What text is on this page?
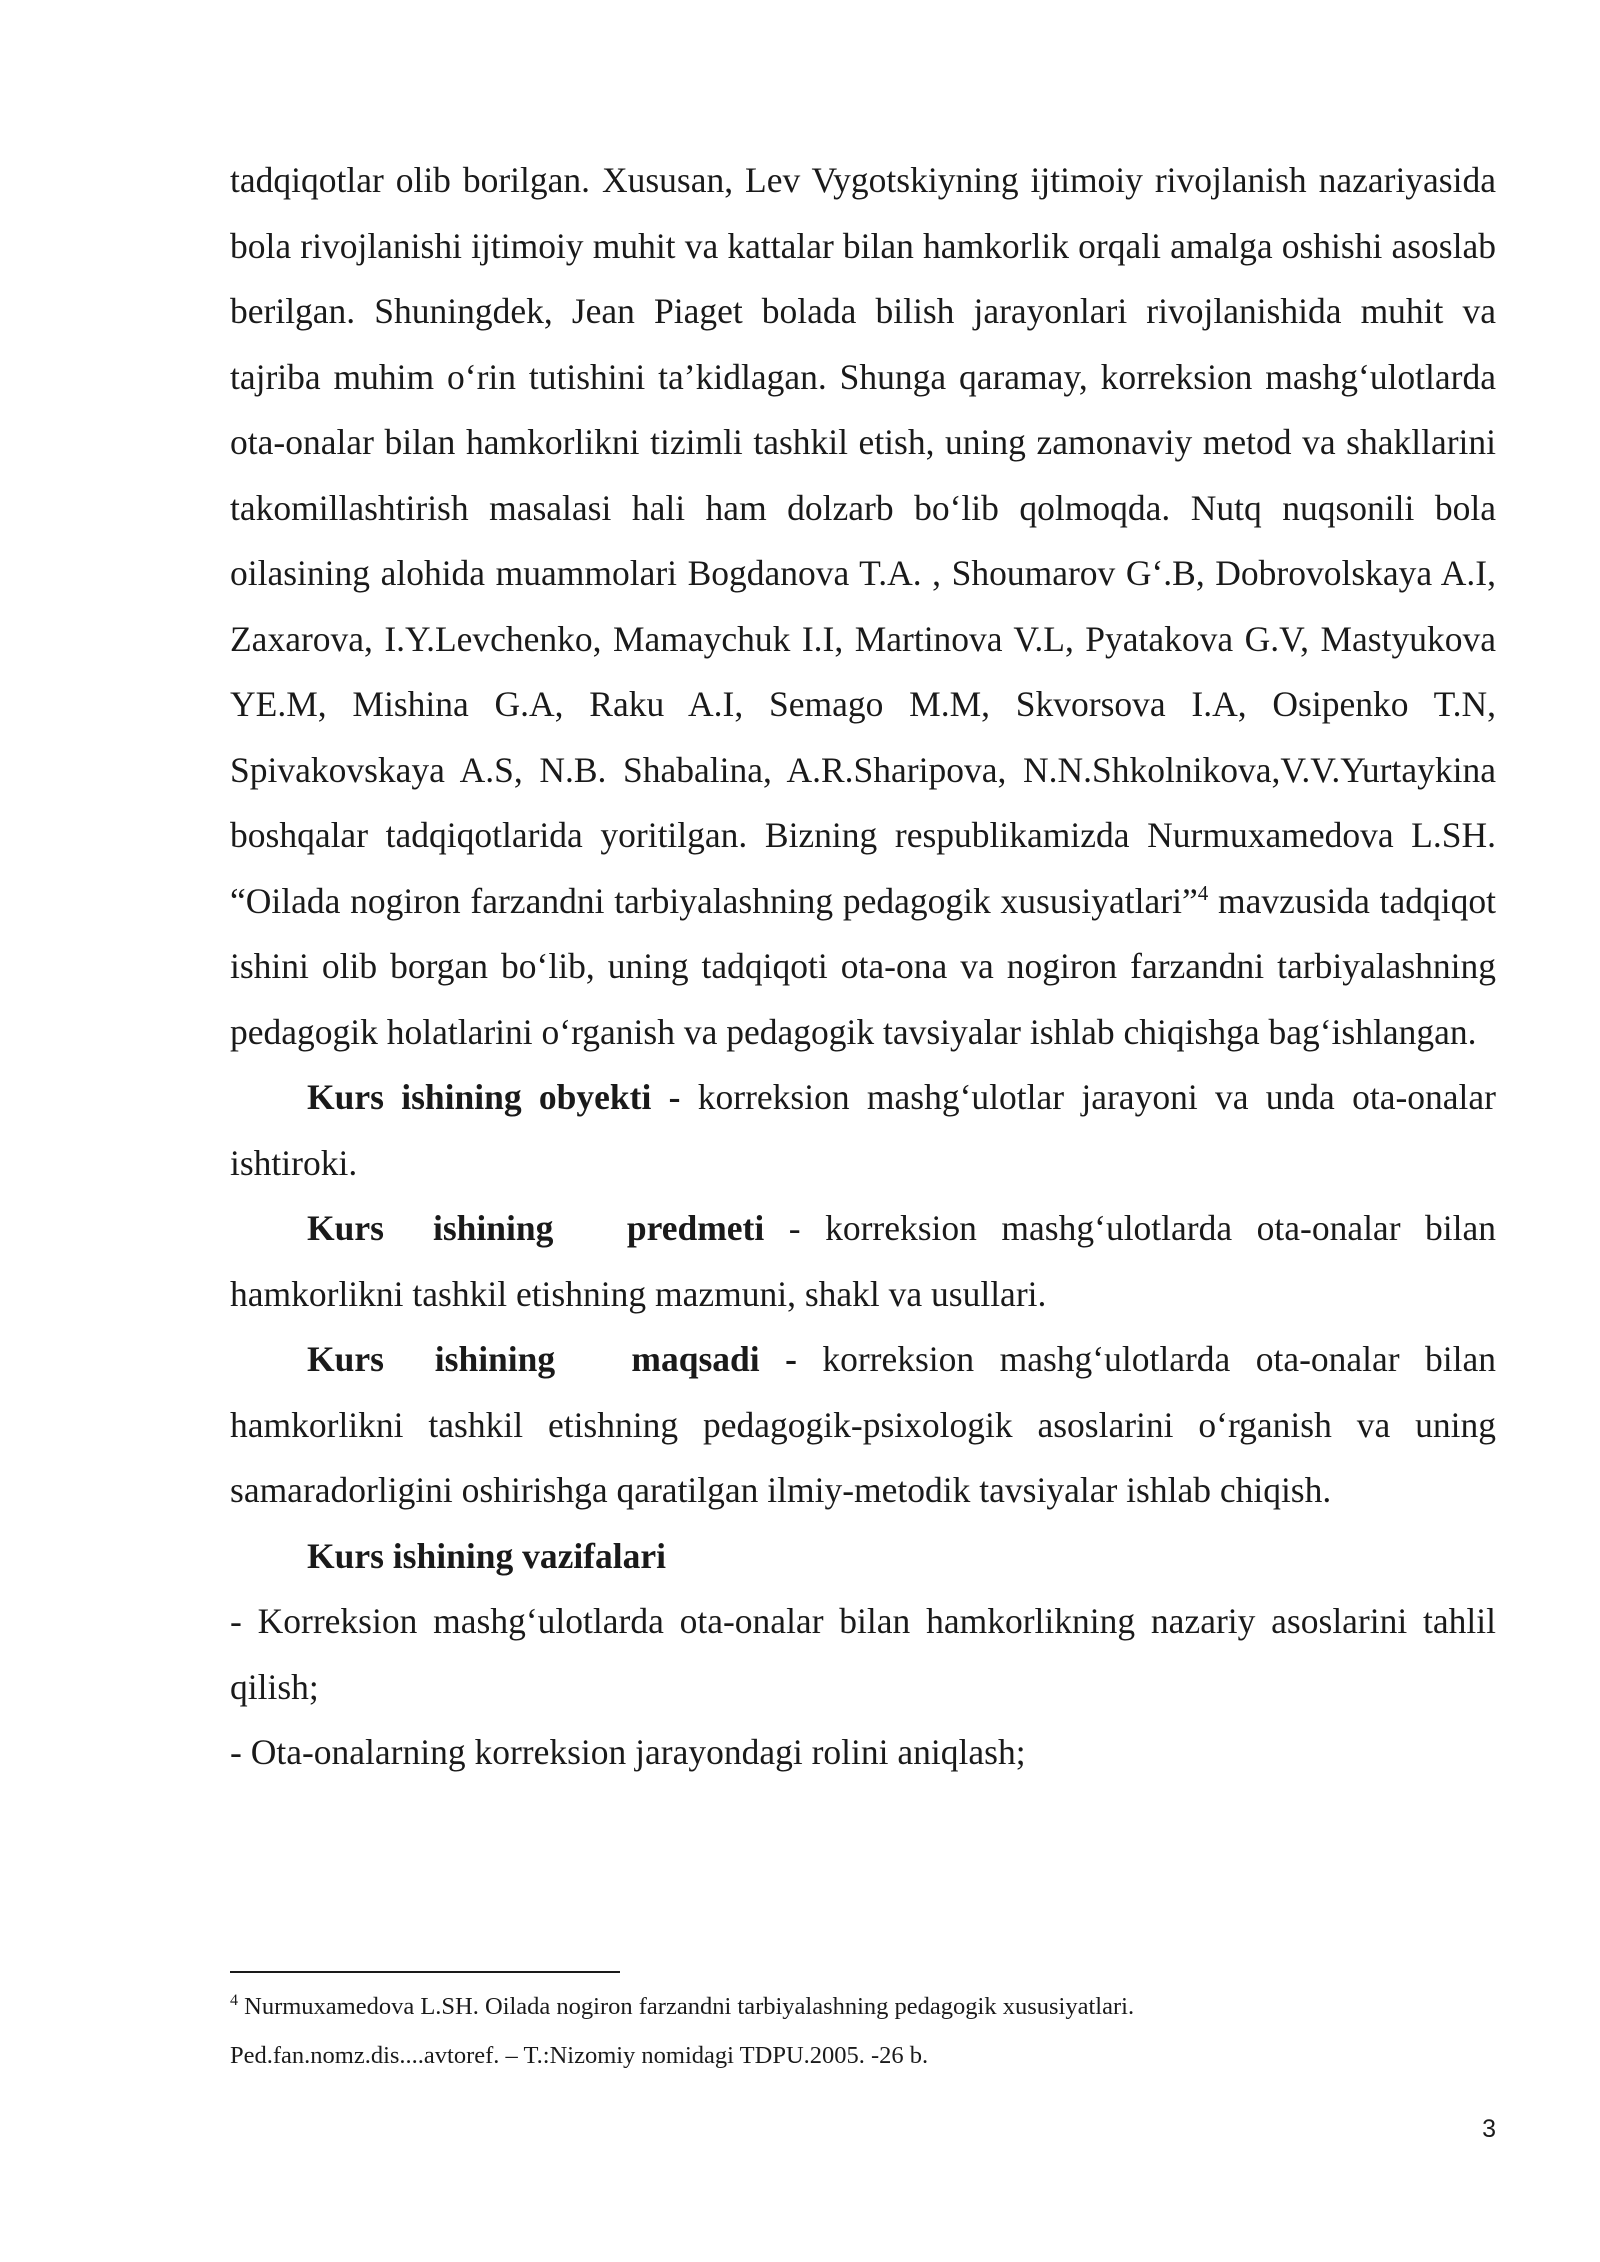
tadqiqotlar olib borilgan. Xususan, Lev Vygotskiyning ijtimoiy rivojlanish nazariyasida bola rivojlanishi ijtimoiy muhit va kattalar bilan hamkorlik orqali amalga oshishi asoslab berilgan. Shuningdek, Jean Piaget bolada bilish jarayonlari rivojlanishida muhit va tajriba muhim o‘rin tutishini ta’kidlagan. Shunga qaramay, korreksion mashg‘ulotlarda ota-onalar bilan hamkorlikni tizimli tashkil etish, uning zamonaviy metod va shakllarini takomillashtirish masalasi hali ham dolzarb bo‘lib qolmoqda. Nutq nuqsonili bola oilasining alohida muammolari Bogdanova T.A. , Shoumarov G‘.B, Dobrovolskaya A.I, Zaxarova, I.Y.Levchenko, Mamaychuk I.I, Martinova V.L, Pyatakova G.V, Mastyukova YE.M, Mishina G.A, Raku A.I, Semago M.M, Skvorsova I.A, Osipenko T.N, Spivakovskaya A.S, N.B. Shabalina, A.R.Sharipova, N.N.Shkolnikova,V.V.Yurtaykina boshqalar tadqiqotlarida yoritilgan. Bizning respublikamizda Nurmuxamedova L.SH. “Oilada nogiron farzandni tarbiyalashning pedagogik xususiyatlari”$^4$ mavzusida tadqiqot ishini olib borgan bo‘lib, uning tadqiqoti ota-ona va nogiron farzandni tarbiyalashning pedagogik holatlarini o‘rganish va pedagogik tavsiyalar ishlab chiqishga bag‘ishlangan.

Kurs ishining obyekti - korreksion mashg‘ulotlar jarayoni va unda ota-onalar ishtiroki.

Kurs  ishining   predmeti - korreksion mashg‘ulotlarda ota-onalar bilan hamkorlikni tashkil etishning mazmuni, shakl va usullari.

Kurs  ishining   maqsadi - korreksion mashg‘ulotlarda ota-onalar bilan hamkorlikni tashkil etishning pedagogik-psixologik asoslarini o‘rganish va uning samaradorligini oshirishga qaratilgan ilmiy-metodik tavsiyalar ishlab chiqish.

Kurs ishining vazifalari

- Korreksion mashg‘ulotlarda ota-onalar bilan hamkorlikning nazariy asoslarini tahlil qilish;

- Ota-onalarning korreksion jarayondagi rolini aniqlash;

$^4$ Nurmuxamedova L.SH. Oilada nogiron farzandni tarbiyalashning pedagogik xususiyatlari.

Ped.fan.nomz.dis....avtoref. – T.:Nizomiy nomidagi TDPU.2005. -26 b.

3
